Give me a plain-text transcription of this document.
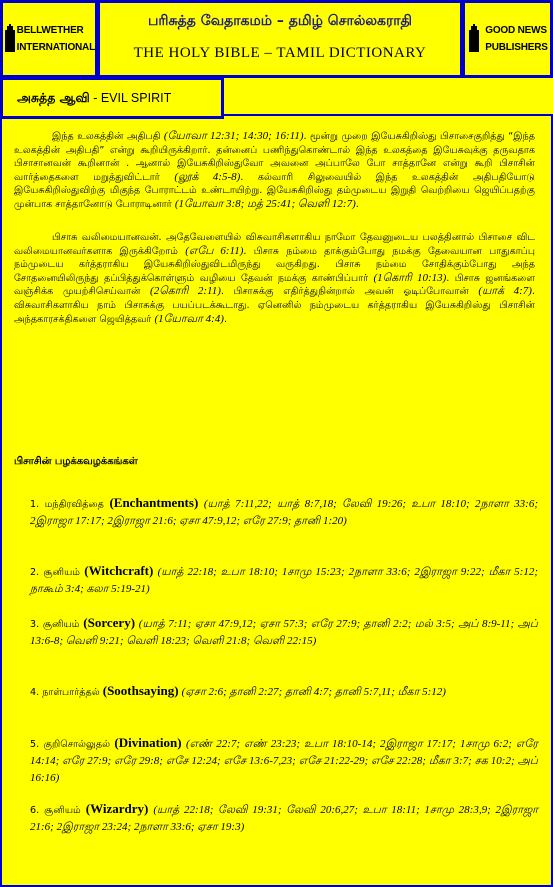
BELLWETHER
INTERNATIONAL
பரிசுத்த வேதாகமம் – தமிழ் சொல்லகராதி
THE HOLY BIBLE – TAMIL DICTIONARY
GOOD NEWS
PUBLISHERS
அசுத்த ஆவி - EVIL SPIRIT
இந்த உலகத்தின் அதிபதி (யோவா 12:31; 14:30; 16:11). மூன்று முறை இயேசுகிறிஸ்து பிசாசைகுறித்து “இந்த உலகத்தின் அதிபதி” என்று கூறியிருக்கிறார். தன்னைப் பணிந்துகொண்டால் இந்த உலகத்தை இயேசுவுக்கு தருவதாக பிசாசானவன் கூறினான் . ஆனால் இயேசுகிறிஸ்துவோ அவனை அப்பாலே போ சாத்தானே என்று கூறி பிசாசின் வார்த்தைகளை மறுத்துவிட்டார் (லூக் 4:5-8). கல்வாரி சிலுவையில் இந்த உலகத்தின் அதிபதியோடு இயேசுகிறிஸ்துவிற்கு மிகுந்த போராட்டம் உண்டாயிற்று. இயேசுகிறிஸ்து தம்முடைய இறுதி வெற்றியை ஜெயிப்பதற்கு முன்பாக சாத்தானோடு போராடினார் (1யோவா 3:8; மத் 25:41; வெளி 12:7).
பிசாசு வலிமையானவன். அதேவேளையில் விசுவாசிகளாகிய நாமோ தேவனுடைய பலத்தினால் பிசாசை விட வலிமையானவர்களாக இருக்கிறோம் (எபே 6:11). பிசாசு நம்மை தாக்கும்போது நமக்கு தேவையான பாதுகாப்பு நம்முடைய கர்த்தராகிய இயேசுகிறிஸ்துவிடமிருந்து வருகிறது. பிசாசு நம்மை சோதிக்கும்போது அந்த சோதனையிலிருந்து தப்பித்துக்கொள்ளும் வழியை தேவன் நமக்கு காண்பிப்பார் (1கொரி 10:13). பிசாசு ஜனங்களை வஞ்சிக்க முயற்சிசெய்வான் (2கொரி 2:11). பிசாசுக்கு எதிர்த்துநின்றால் அவன் ஓடிப்போவான் (யாக் 4:7). விசுவாசிகளாகிய நாம் பிசாசுக்கு பயப்படக்கூடாது. ஏனெனில் நம்முடைய கர்த்தராகிய இயேசுகிறிஸ்து பிசாசின் அந்தகாரசக்திகளை ஜெயித்தவர் (1யோவா 4:4).
பிசாசின் பழக்கவழக்கங்கள்
1. மந்திரவித்தை (Enchantments) (யாத் 7:11,22; யாத் 8:7,18; லேவி 19:26; உபா 18:10; 2நாளா 33:6; 2இராஜா 17:17; 2இராஜா 21:6; ஏசா 47:9,12; எரே 27:9; தானி 1:20)
2. சூனியம் (Witchcraft) (யாத் 22:18; உபா 18:10; 1சாமு 15:23; 2நாளா 33:6; 2இராஜா 9:22; மீகா 5:12; நாகூம் 3:4; கலா 5:19-21)
3. சூனியம் (Sorcery) (யாத் 7:11; ஏசா 47:9,12; ஏசா 57:3; எரே 27:9; தானி 2:2; மல் 3:5; அப் 8:9-11; அப் 13:6-8; வெளி 9:21; வெளி 18:23; வெளி 21:8; வெளி 22:15)
4. நாள்பார்த்தல் (Soothsaying) (ஏசா 2:6; தானி 2:27; தானி 4:7; தானி 5:7,11; மீகா 5:12)
5. குறிசொல்லுதல் (Divination) (எண் 22:7; எண் 23:23; உபா 18:10-14; 2இராஜா 17:17; 1சாமு 6:2; எரே 14:14; எரே 27:9; எரே 29:8; எசே 12:24; எசே 13:6-7,23; எசே 21:22-29; எசே 22:28; மீகா 3:7; சக 10:2; அப் 16:16)
6. சூனியம் (Wizardry) (யாத் 22:18; லேவி 19:31; லேவி 20:6,27; உபா 18:11; 1சாமு 28:3,9; 2இராஜா 21:6; 2இராஜா 23:24; 2நாளா 33:6; ஏசா 19:3)
